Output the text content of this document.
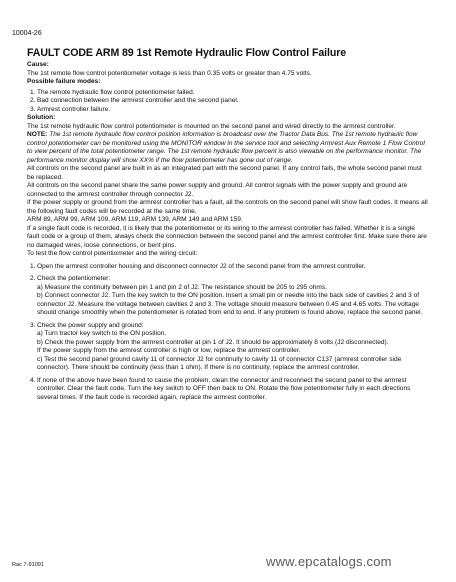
10004-26
FAULT CODE ARM 89 1st Remote Hydraulic Flow Control Failure

Cause:

The 1st remote flow control potentiometer voltage is less than 0.35 volts or greater than 4.75 volts.

Possible failure modes:

1. The remote hydraulic flow control potentiometer failed.
2. Bad connection between the armrest controller and the second panel.
3. Armrest controller failure.

Solution:

The 1st remote hydraulic flow control potentiometer is mounted on the second panel and wired directly to the armrest controller.

NOTE: The 1st remote hydraulic flow control position information is broadcast over the Tractor Data Bus. The 1st remote hydraulic flow control potentiometer can be monitored using the MONITOR window in the service tool and selecting Armrest Aux Remote 1 Flow Control to view percent of the total potentiometer range. The 1st remote hydraulic flow percent is also viewable on the performance monitor. The performance monitor display will show XX% if the flow potentiometer has gone out of range.

All controls on the second panel are built in as an integrated part with the second panel. If any control fails, the whole second panel must be replaced.

All controls on the second panel share the same power supply and ground. All control signals with the power supply and ground are connected to the armrest controller through connector J2.

If the power supply or ground from the armrest controller has a fault, all the controls on the second panel will show fault codes. It means all the following fault codes will be recorded at the same time.

ARM 89, ARM 99, ARM 109, ARM 119, ARM 139, ARM 149 and ARM 159.

If a single fault code is recorded, it is likely that the potentiometer or its wiring to the armrest controller has failed. Whether it is a single fault code or a group of them, always check the connection between the second panel and the armrest controller first. Make sure there are no damaged wires, loose connections, or bent pins.

To test the flow control potentiometer and the wiring circuit:

1. Open the armrest controller housing and disconnect connector J2 of the second panel from the armrest controller.
2. Check the potentiometer:
a) Measure the continuity between pin 1 and pin 2 of J2. The resistance should be 205 to 295 ohms.
b) Connect connector J2. Turn the key switch to the ON position. Insert a small pin or needle into the back side of cavities 2 and 3 of connector J2. Measure the voltage between cavities 2 and 3. The voltage should measure between 0.45 and 4.65 volts. The voltage should change smoothly when the potentiometer is rotated from end to end. If any problem is found above, replace the second panel.
3. Check the power supply and ground:
a) Turn tractor key switch to the ON position.
b) Check the power supply from the armrest controller at pin 1 of J2. It should be approximately 8 volts (J2 disconnected).
If the power supply from the armrest controller is high or low, replace the armrest controller.
c) Test the second panel ground cavity 11 of connector J2 for continuity to cavity 11 of connector C137 (armrest controller side connector). There should be continuity (less than 1 ohm). If there is no continuity, replace the armrest controller.
4. If none of the above have been found to cause the problem, clean the connector and reconnect the second panel to the armrest controller. Clear the fault code. Turn the key switch to OFF then back to ON. Rotate the flow potentiometer fully in each directions several times. If the fault code is recorded again, replace the armrest controller.
Rac 7-91091	www.epcatalogs.com
